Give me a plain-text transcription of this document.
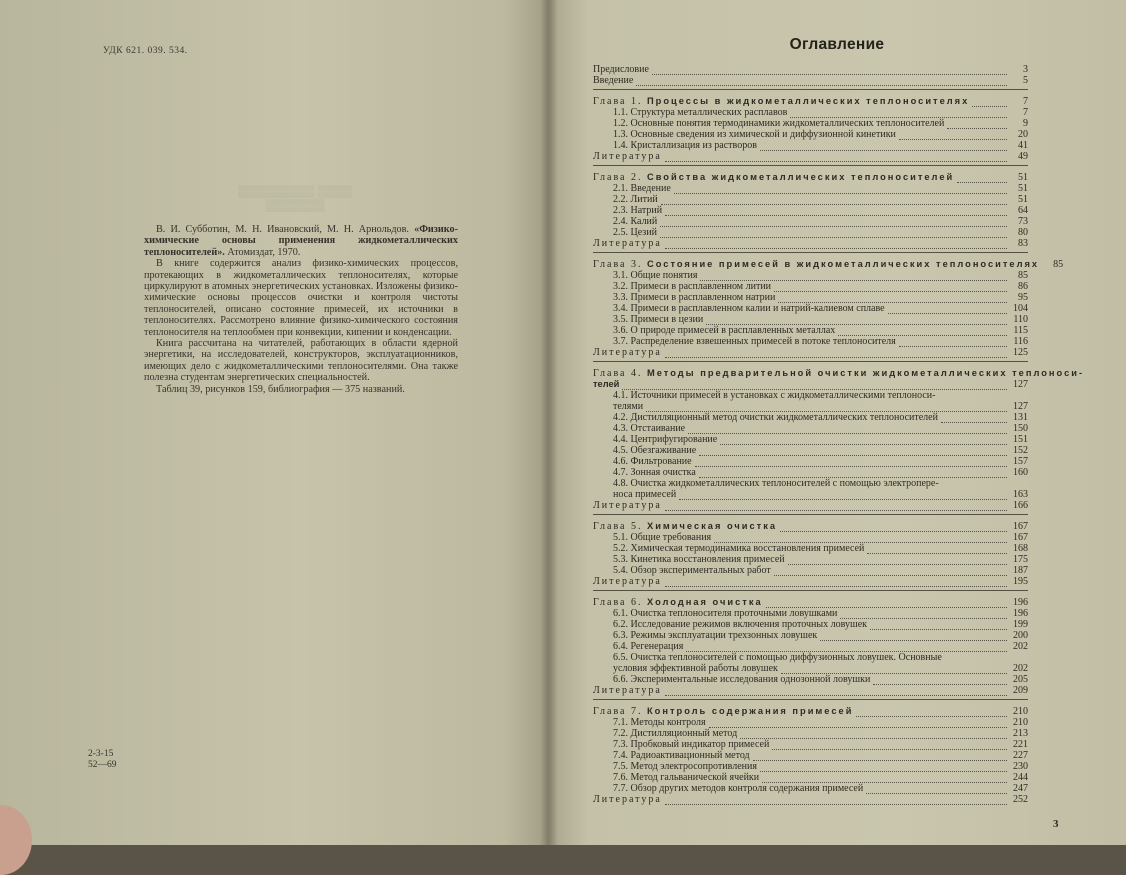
УДК 621. 039. 534.
▒▒▒▒ ▒▒▒▒▒▒▒▒▒
▒▒▒▒▒▒▒

В. И. Субботин, М. Н. Ивановский, М. Н. Арнольдов. «Физико-химические основы применения жидкометаллических теплоносителей». Атомиздат, 1970.

В книге содержится анализ физико-химических процессов, протекающих в жидкометаллических теплоносителях, которые циркулируют в атомных энергетических установках. Изложены физико-химические основы процессов очистки и контроля чистоты теплоносителей, описано состояние примесей, их источники в теплоносителях. Рассмотрено влияние физико-химического состояния теплоносителя на теплообмен при конвекции, кипении и конденсации.

Книга рассчитана на читателей, работающих в области ядерной энергетики, на исследователей, конструкторов, эксплуатационников, имеющих дело с жидкометаллическими теплоносителями. Она также полезна студентам энергетических специальностей.

Таблиц 39, рисунков 159, библиография — 375 названий.

2-3-15
52—69
Оглавление
Предисловие	3
Введение	5
Глава 1. Процессы в жидкометаллических теплоносителях	7
1.1. Структура металлических расплавов	7
1.2. Основные понятия термодинамики жидкометаллических теплоносителей	9
1.3. Основные сведения из химической и диффузионной кинетики	20
1.4. Кристаллизация из растворов	41
Литература	49
Глава 2. Свойства жидкометаллических теплоносителей	51
2.1. Введение	51
2.2. Литий	51
2.3. Натрий	64
2.4. Калий	73
2.5. Цезий	80
Литература	83
Глава 3. Состояние примесей в жидкометаллических теплоносителях	85
3.1. Общие понятия	85
3.2. Примеси в расплавленном литии	86
3.3. Примеси в расплавленном натрии	95
3.4. Примеси в расплавленном калии и натрий-калиевом сплаве	104
3.5. Примеси в цезии	110
3.6. О природе примесей в расплавленных металлах	115
3.7. Распределение взвешенных примесей в потоке теплоносителя	116
Литература	125
Глава 4. Методы предварительной очистки жидкометаллических теплоноси-
телей	127
4.1. Источники примесей в установках с жидкометаллическими теплоноси-
телями	127
4.2. Дистилляционный метод очистки жидкометаллических теплоносителей	131
4.3. Отстаивание	150
4.4. Центрифугирование	151
4.5. Обезгаживание	152
4.6. Фильтрование	157
4.7. Зонная очистка	160
4.8. Очистка жидкометаллических теплоносителей с помощью электропере-
носа примесей	163
Литература	166
Глава 5. Химическая очистка	167
5.1. Общие требования	167
5.2. Химическая термодинамика восстановления примесей	168
5.3. Кинетика восстановления примесей	175
5.4. Обзор экспериментальных работ	187
Литература	195
Глава 6. Холодная очистка	196
6.1. Очистка теплоносителя проточными ловушками	196
6.2. Исследование режимов включения проточных ловушек	199
6.3. Режимы эксплуатации трехзонных ловушек	200
6.4. Регенерация	202
6.5. Очистка теплоносителей с помощью диффузионных ловушек. Основные
условия эффективной работы ловушек	202
6.6. Экспериментальные исследования однозонной ловушки	205
Литература	209
Глава 7. Контроль содержания примесей	210
7.1. Методы контроля	210
7.2. Дистилляционный метод	213
7.3. Пробковый индикатор примесей	221
7.4. Радиоактивационный метод	227
7.5. Метод электросопротивления	230
7.6. Метод гальванической ячейки	244
7.7. Обзор других методов контроля содержания примесей	247
Литература	252
3
